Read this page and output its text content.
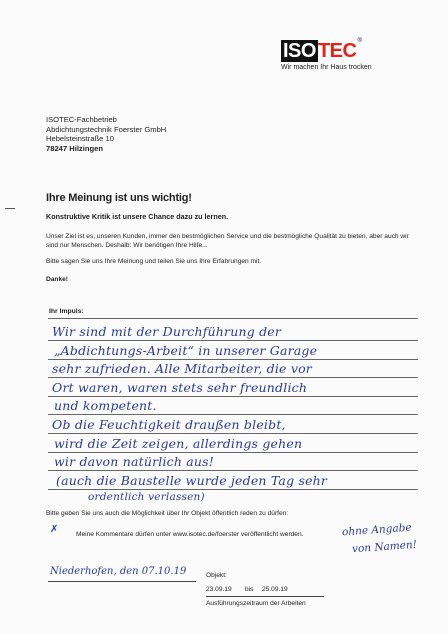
ISO TEC ®
Wir machen Ihr Haus trocken
ISOTEC-Fachbetrieb
Abdichtungstechnik Foerster GmbH
Hebelsteinstraße 10
78247 Hilzingen
Ihre Meinung ist uns wichtig!
Konstruktive Kritik ist unsere Chance dazu zu lernen.
Unser Ziel ist es, unseren Kunden, immer den bestmöglichen Service und die bestmögliche Qualität zu bieten, aber auch wir sind nur Menschen. Deshalb: Wir benötigen Ihre Hilfe...
Bitte sagen Sie uns Ihre Meinung und teilen Sie uns Ihre Erfahrungen mit.
Danke!
Ihr Impuls:
Wir sind mit der Durchführung der
„Abdichtungs-Arbeit“ in unserer Garage
sehr zufrieden. Alle Mitarbeiter, die vor
Ort waren, waren stets sehr freundlich
und kompetent.
Ob die Feuchtigkeit draußen bleibt,
wird die Zeit zeigen, allerdings gehen
wir davon natürlich aus!
(auch die Baustelle wurde jeden Tag sehr
ordentlich verlassen)
Bitte geben Sie uns auch die Möglichkeit über Ihr Objekt öffentlich reden zu dürfen:
✗	Meine Kommentare dürfen unter www.isotec.de/foerster veröffentlicht werden.	ohne Angabe
von Namen!
Niederhofen, den 07.10.19	Objekt:
23.09.19 bis 25.09.19
Ausführungszeitraum der Arbeiten
